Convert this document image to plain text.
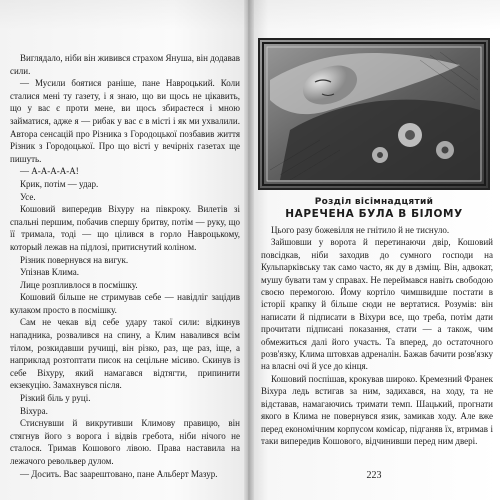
Виглядало, ніби він живився страхом Януша, він додавав сили.

— Мусили боятися раніше, пане Навроцький. Коли сталися мені ту газету, і я знаю, що ви щось не цікавить, що у вас є проти мене, ви щось збираєтеся і мною займатися, адже я — рибак у вас є в місті і як ми ухвалили. Автора сенсацій про Різника з Городоцької позбавив життя Різник з Городоцької. Про що вісті у вечірніх газетах ще пишуть.

— А-А-А-А-А!

Крик, потім — удар.

Усе.

Кошовий випередив Віхуру на півкроку. Вилетів зі спальні першим, побачив спершу бритву, потім — руку, що її тримала, тоді — що цілився в горло Навроцькому, который лежав на підлозі, притиснутий коліном.

Різник повернувся на вигук.

Упізнав Клима.

Лице розпливлося в посмішку.

Кошовий більше не стримував себе — навідліг зацідив кулаком просто в посмішку.

Сам не чекав від себе удару такої сили: відкинув нападника, розвалився на спину, а Клим навалився всім тілом, розкидавши ручищі, він різко, раз, ще раз, іще, а наприклад розтоптати писок на сецільне місиво. Скинув із себе Віхуру, який намагався відтягти, припинити екзекуцію. Замахнувся після.

Різкий біль у руці.

Віхура.

Стиснувши й викрутивши Климову правицю, він стягнув його з ворога і відвів гребота, ніби нічого не сталося. Тримав Кошового лівою. Права наставила на лежачого револьвер дулом.

— Досить. Вас заарештовано, пане Альберт Мазур.

Розділ вісімнадцятий
НАРЕЧЕНА БУЛА В БІЛОМУ

Цього разу божевілля не гнітило й не тиснуло.

Зайшовши у ворота й перетинаючи двір, Кошовий повсідкав, ніби заходив до сумного господи на Кульпарківську так само часто, як ду в дзміщ. Він, адвокат, мушу бувати там у справах. Не переймався навіть свободою своєю перемогою. Йому кортіло чимшвидше постати в історії крапку й більше сюди не вертатися. Розумів: він написати й підписати в Віхури все, що треба, потім дати прочитати підписані показання, стати — а також, чим обмежиться далі його участь. Та вперед, до остаточного розв'язку, Клима штовхав адреналін. Бажав бачити розв'язку на власні очі й усе до кінця.

Кошовий поспішав, крокував широко. Кремезний Франек Віхура ледь встигав за ним, задихався, на ходу, та не відставав, намагаючись тримати темп. Шацький, прогнати якого в Клима не повернувся язик, замикав ходу. Але вже перед економічним корпусом комісар, підганяв їх, втримав і таки випередив Кошового, відчинивши перед ним двері.

223
